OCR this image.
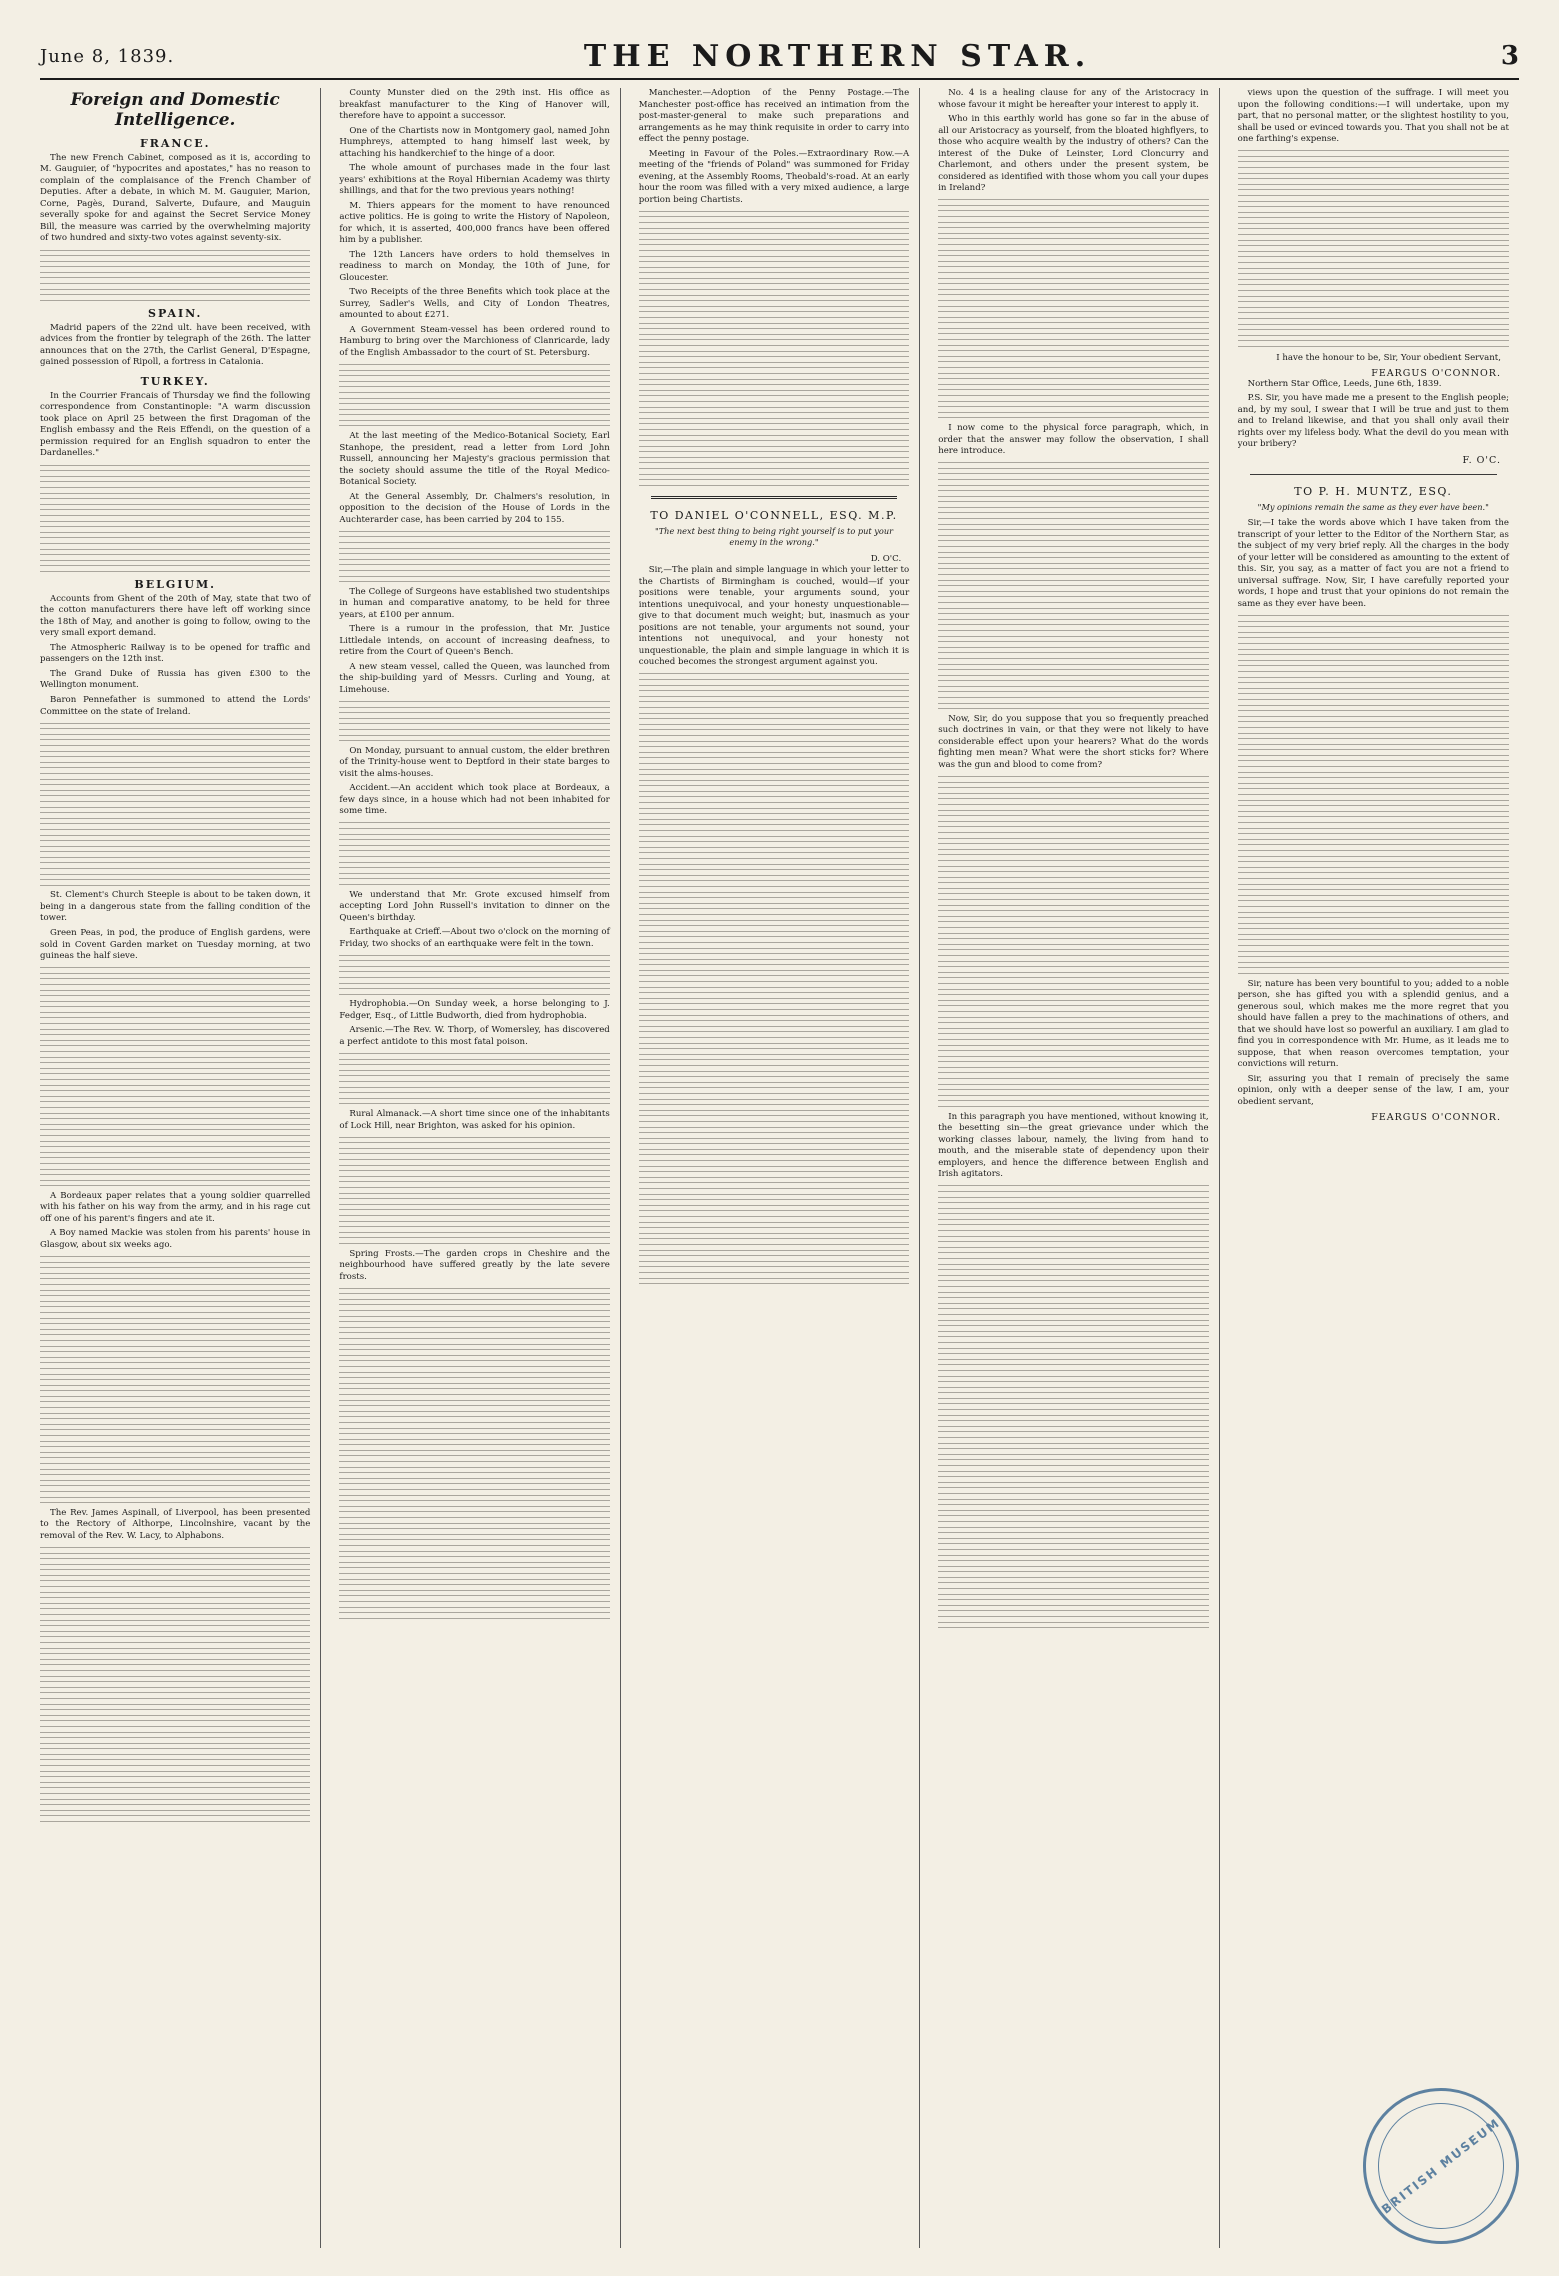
June 8, 1839.	THE NORTHERN STAR.	3
Foreign and Domestic Intelligence.
FRANCE.

The new French Cabinet, composed as it is, according to M. Gauguier, of "hypocrites and apostates," has no reason to complain of the complaisance of the French Chamber of Deputies. After a debate, in which M. M. Gauguier, Marion, Corne, Pagès, Durand, Salverte, Dufaure, and Mauguin severally spoke for and against the Secret Service Money Bill, the measure was carried by the overwhelming majority of two hundred and sixty-two votes against seventy-six.

SPAIN.

Madrid papers of the 22nd ult. have been received, with advices from the frontier by telegraph of the 26th. The latter announces that on the 27th, the Carlist General, D'Espagne, gained possession of Ripoll, a fortress in Catalonia.

TURKEY.

In the Courrier Francais of Thursday we find the following correspondence from Constantinople: "A warm discussion took place on April 25 between the first Dragoman of the English embassy and the Reis Effendi, on the question of a permission required for an English squadron to enter the Dardanelles."

BELGIUM.

Accounts from Ghent of the 20th of May, state that two of the cotton manufacturers there have left off working since the 18th of May, and another is going to follow, owing to the very small export demand.

The Atmospheric Railway is to be opened for traffic and passengers on the 12th inst.

The Grand Duke of Russia has given £300 to the Wellington monument.

Baron Pennefather is summoned to attend the Lords' Committee on the state of Ireland.

St. Clement's Church Steeple is about to be taken down, it being in a dangerous state from the falling condition of the tower.

Green Peas, in pod, the produce of English gardens, were sold in Covent Garden market on Tuesday morning, at two guineas the half sieve.

A Bordeaux paper relates that a young soldier quarrelled with his father on his way from the army, and in his rage cut off one of his parent's fingers and ate it.

A Boy named Mackie was stolen from his parents' house in Glasgow, about six weeks ago.

The Rev. James Aspinall, of Liverpool, has been presented to the Rectory of Althorpe, Lincolnshire, vacant by the removal of the Rev. W. Lacy, to Alphabons.

County Munster died on the 29th inst. His office as breakfast manufacturer to the King of Hanover will, therefore have to appoint a successor.

One of the Chartists now in Montgomery gaol, named John Humphreys, attempted to hang himself last week, by attaching his handkerchief to the hinge of a door.

The whole amount of purchases made in the four last years' exhibitions at the Royal Hibernian Academy was thirty shillings, and that for the two previous years nothing!

M. Thiers appears for the moment to have renounced active politics. He is going to write the History of Napoleon, for which, it is asserted, 400,000 francs have been offered him by a publisher.

The 12th Lancers have orders to hold themselves in readiness to march on Monday, the 10th of June, for Gloucester.

Two Receipts of the three Benefits which took place at the Surrey, Sadler's Wells, and City of London Theatres, amounted to about £271.

A Government Steam-vessel has been ordered round to Hamburg to bring over the Marchioness of Clanricarde, lady of the English Ambassador to the court of St. Petersburg.

At the last meeting of the Medico-Botanical Society, Earl Stanhope, the president, read a letter from Lord John Russell, announcing her Majesty's gracious permission that the society should assume the title of the Royal Medico-Botanical Society.

At the General Assembly, Dr. Chalmers's resolution, in opposition to the decision of the House of Lords in the Auchterarder case, has been carried by 204 to 155.

The College of Surgeons have established two studentships in human and comparative anatomy, to be held for three years, at £100 per annum.

There is a rumour in the profession, that Mr. Justice Littledale intends, on account of increasing deafness, to retire from the Court of Queen's Bench.

A new steam vessel, called the Queen, was launched from the ship-building yard of Messrs. Curling and Young, at Limehouse.

On Monday, pursuant to annual custom, the elder brethren of the Trinity-house went to Deptford in their state barges to visit the alms-houses.

Accident.—An accident which took place at Bordeaux, a few days since, in a house which had not been inhabited for some time.

We understand that Mr. Grote excused himself from accepting Lord John Russell's invitation to dinner on the Queen's birthday.

Earthquake at Crieff.—About two o'clock on the morning of Friday, two shocks of an earthquake were felt in the town.

Hydrophobia.—On Sunday week, a horse belonging to J. Fedger, Esq., of Little Budworth, died from hydrophobia.

Arsenic.—The Rev. W. Thorp, of Womersley, has discovered a perfect antidote to this most fatal poison.

Rural Almanack.—A short time since one of the inhabitants of Lock Hill, near Brighton, was asked for his opinion.

Spring Frosts.—The garden crops in Cheshire and the neighbourhood have suffered greatly by the late severe frosts.

Manchester.—Adoption of the Penny Postage.—The Manchester post-office has received an intimation from the post-master-general to make such preparations and arrangements as he may think requisite in order to carry into effect the penny postage.

Meeting in Favour of the Poles.—Extraordinary Row.—A meeting of the "friends of Poland" was summoned for Friday evening, at the Assembly Rooms, Theobald's-road. At an early hour the room was filled with a very mixed audience, a large portion being Chartists.

TO DANIEL O'CONNELL, ESQ. M.P.
"The next best thing to being right yourself is to put your enemy in the wrong."
D. O'C.

Sir,—The plain and simple language in which your letter to the Chartists of Birmingham is couched, would—if your positions were tenable, your arguments sound, your intentions unequivocal, and your honesty unquestionable—give to that document much weight; but, inasmuch as your positions are not tenable, your arguments not sound, your intentions not unequivocal, and your honesty not unquestionable, the plain and simple language in which it is couched becomes the strongest argument against you.

No. 4 is a healing clause for any of the Aristocracy in whose favour it might be hereafter your interest to apply it.

Who in this earthly world has gone so far in the abuse of all our Aristocracy as yourself, from the bloated highflyers, to those who acquire wealth by the industry of others? Can the interest of the Duke of Leinster, Lord Cloncurry and Charlemont, and others under the present system, be considered as identified with those whom you call your dupes in Ireland?

I now come to the physical force paragraph, which, in order that the answer may follow the observation, I shall here introduce.

Now, Sir, do you suppose that you so frequently preached such doctrines in vain, or that they were not likely to have considerable effect upon your hearers? What do the words fighting men mean? What were the short sticks for? Where was the gun and blood to come from?

In this paragraph you have mentioned, without knowing it, the besetting sin—the great grievance under which the working classes labour, namely, the living from hand to mouth, and the miserable state of dependency upon their employers, and hence the difference between English and Irish agitators.

views upon the question of the suffrage. I will meet you upon the following conditions:—I will undertake, upon my part, that no personal matter, or the slightest hostility to you, shall be used or evinced towards you. That you shall not be at one farthing's expense.

I have the honour to be, Sir, Your obedient Servant,
FEARGUS O'CONNOR.

Northern Star Office, Leeds, June 6th, 1839.

P.S. Sir, you have made me a present to the English people; and, by my soul, I swear that I will be true and just to them and to Ireland likewise, and that you shall only avail their rights over my lifeless body. What the devil do you mean with your bribery?

F. O'C.
TO P. H. MUNTZ, ESQ.
"My opinions remain the same as they ever have been."

Sir,—I take the words above which I have taken from the transcript of your letter to the Editor of the Northern Star, as the subject of my very brief reply. All the charges in the body of your letter will be considered as amounting to the extent of this. Sir, you say, as a matter of fact you are not a friend to universal suffrage. Now, Sir, I have carefully reported your words, I hope and trust that your opinions do not remain the same as they ever have been.

Sir, nature has been very bountiful to you; added to a noble person, she has gifted you with a splendid genius, and a generous soul, which makes me the more regret that you should have fallen a prey to the machinations of others, and that we should have lost so powerful an auxiliary. I am glad to find you in correspondence with Mr. Hume, as it leads me to suppose, that when reason overcomes temptation, your convictions will return.

Sir, assuring you that I remain of precisely the same opinion, only with a deeper sense of the law, I am, your obedient servant,

FEARGUS O'CONNOR.
BRITISH MUSEUM
